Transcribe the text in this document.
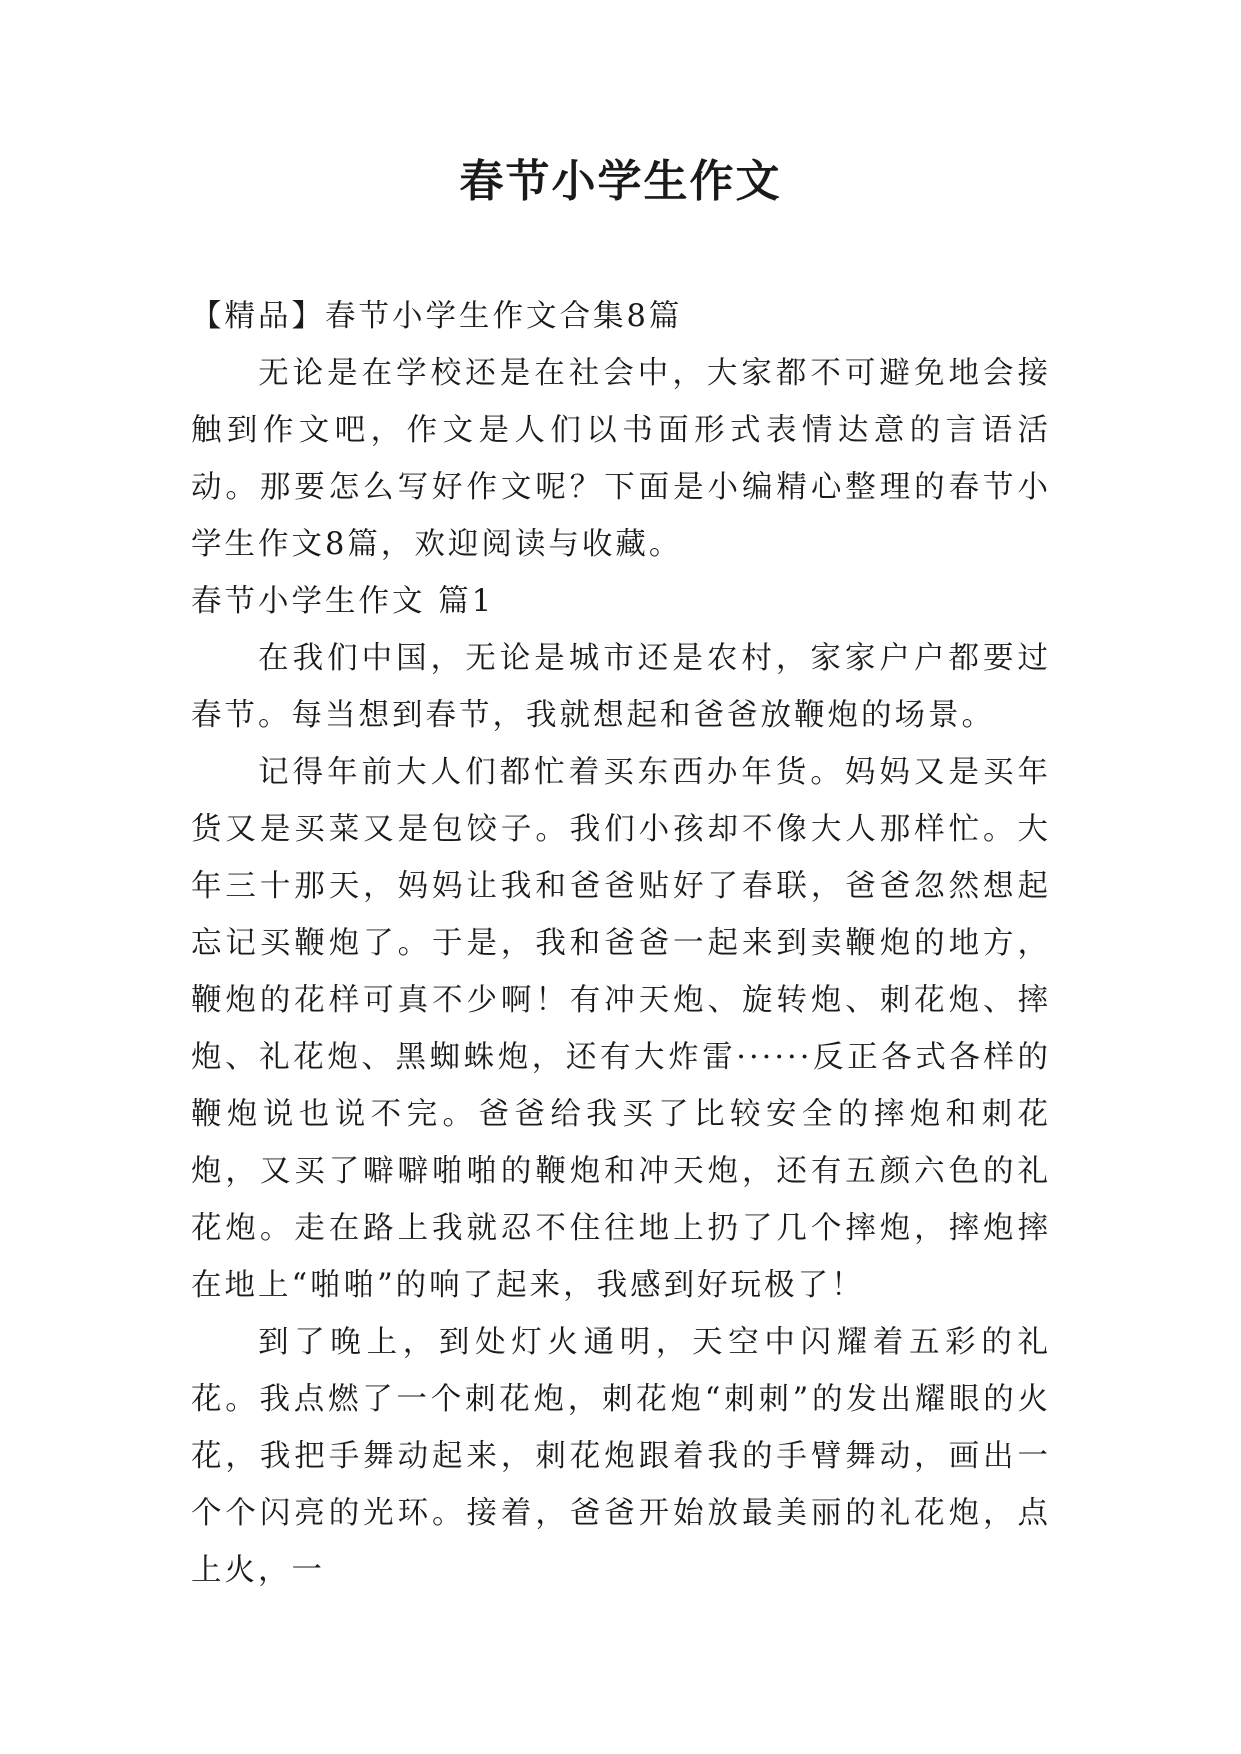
春节小学生作文

【精品】春节小学生作文合集8篇

无论是在学校还是在社会中，大家都不可避免地会接触到作文吧，作文是人们以书面形式表情达意的言语活动。那要怎么写好作文呢？下面是小编精心整理的春节小学生作文8篇，欢迎阅读与收藏。

春节小学生作文 篇1

在我们中国，无论是城市还是农村，家家户户都要过春节。每当想到春节，我就想起和爸爸放鞭炮的场景。

记得年前大人们都忙着买东西办年货。妈妈又是买年货又是买菜又是包饺子。我们小孩却不像大人那样忙。大年三十那天，妈妈让我和爸爸贴好了春联，爸爸忽然想起忘记买鞭炮了。于是，我和爸爸一起来到卖鞭炮的地方，鞭炮的花样可真不少啊！有冲天炮、旋转炮、刺花炮、摔炮、礼花炮、黑蜘蛛炮，还有大炸雷······反正各式各样的鞭炮说也说不完。爸爸给我买了比较安全的摔炮和刺花炮，又买了噼噼啪啪的鞭炮和冲天炮，还有五颜六色的礼花炮。走在路上我就忍不住往地上扔了几个摔炮，摔炮摔在地上“啪啪”的响了起来，我感到好玩极了！

到了晚上，到处灯火通明，天空中闪耀着五彩的礼花。我点燃了一个刺花炮，刺花炮“刺刺”的发出耀眼的火花，我把手舞动起来，刺花炮跟着我的手臂舞动，画出一个个闪亮的光环。接着，爸爸开始放最美丽的礼花炮，点上火，一
